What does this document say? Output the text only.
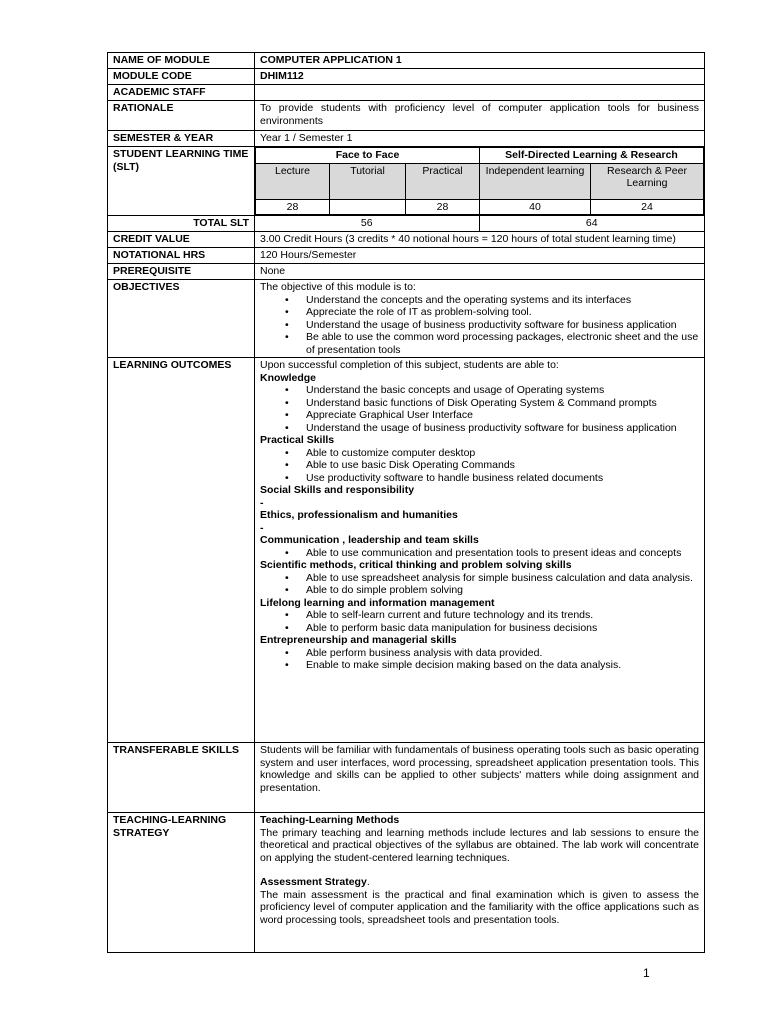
NAME OF MODULE	COMPUTER APPLICATION 1
MODULE CODE	DHIM112
ACADEMIC STAFF	
RATIONALE	To provide students with proficiency level of computer application tools for business environments
SEMESTER & YEAR	Year 1 / Semester 1
STUDENT LEARNING TIME (SLT)	
Face to Face	Self-Directed Learning & Research
Lecture	Tutorial	Practical	Independent learning	Research & Peer Learning
28		28	40	24

TOTAL SLT		56	64

CREDIT VALUE	3.00 Credit Hours (3 credits * 40 notional hours = 120 hours of total student learning time)
NOTATIONAL HRS	120 Hours/Semester
PREREQUISITE	None
OBJECTIVES	The objective of this module is to:
• Understand the concepts and the operating systems and its interfaces
• Appreciate the role of IT as problem-solving tool.
• Understand the usage of business productivity software for business application
• Be able to use the common word processing packages, electronic sheet and the use of presentation tools

LEARNING OUTCOMES	Upon successful completion of this subject, students are able to:
Knowledge
• Understand the basic concepts and usage of Operating systems
• Understand basic functions of Disk Operating System & Command prompts
• Appreciate Graphical User Interface
• Understand the usage of business productivity software for business application
Practical Skills
• Able to customize computer desktop
• Able to use basic Disk Operating Commands
• Use productivity software to handle business related documents
Social Skills and responsibility
-
Ethics, professionalism and humanities
-
Communication , leadership and team skills
• Able to use communication and presentation tools to present ideas and concepts
Scientific methods, critical thinking and problem solving skills
• Able to use spreadsheet analysis for simple business calculation and data analysis.
• Able to do simple problem solving
Lifelong learning and information management
• Able to self-learn current and future technology and its trends.
• Able to perform basic data manipulation for business decisions
Entrepreneurship and managerial skills
• Able perform business analysis with data provided.
• Enable to make simple decision making based on the data analysis.

TRANSFERABLE SKILLS	Students will be familiar with fundamentals of business operating tools such as basic operating system and user interfaces, word processing, spreadsheet application presentation tools. This knowledge and skills can be applied to other subjects' matters while doing assignment and presentation.
TEACHING-LEARNING STRATEGY	
Teaching-Learning Methods
The primary teaching and learning methods include lectures and lab sessions to ensure the theoretical and practical objectives of the syllabus are obtained. The lab work will concentrate on applying the student-centered learning techniques.
Assessment Strategy.
The main assessment is the practical and final examination which is given to assess the proficiency level of computer application and the familiarity with the office applications such as word processing tools, spreadsheet tools and presentation tools.
1
